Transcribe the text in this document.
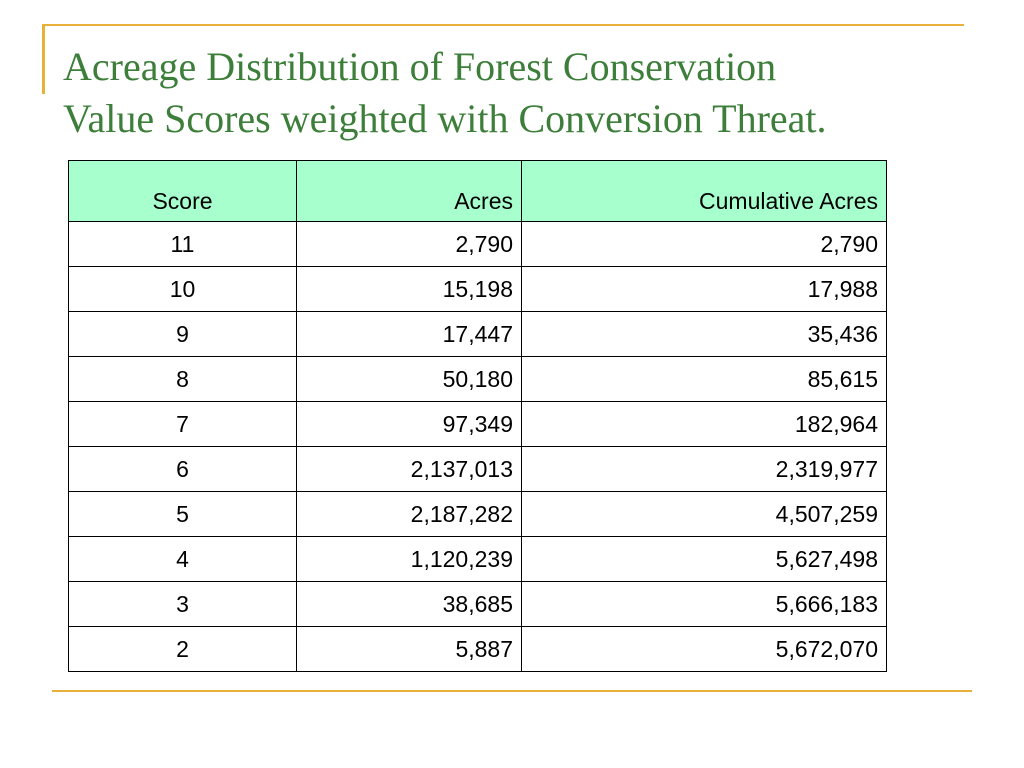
Acreage Distribution of Forest Conservation
Value Scores weighted with Conversion Threat.
Score	Acres	Cumulative Acres
11	2,790	2,790
10	15,198	17,988
9	17,447	35,436
8	50,180	85,615
7	97,349	182,964
6	2,137,013	2,319,977
5	2,187,282	4,507,259
4	1,120,239	5,627,498
3	38,685	5,666,183
2	5,887	5,672,070
